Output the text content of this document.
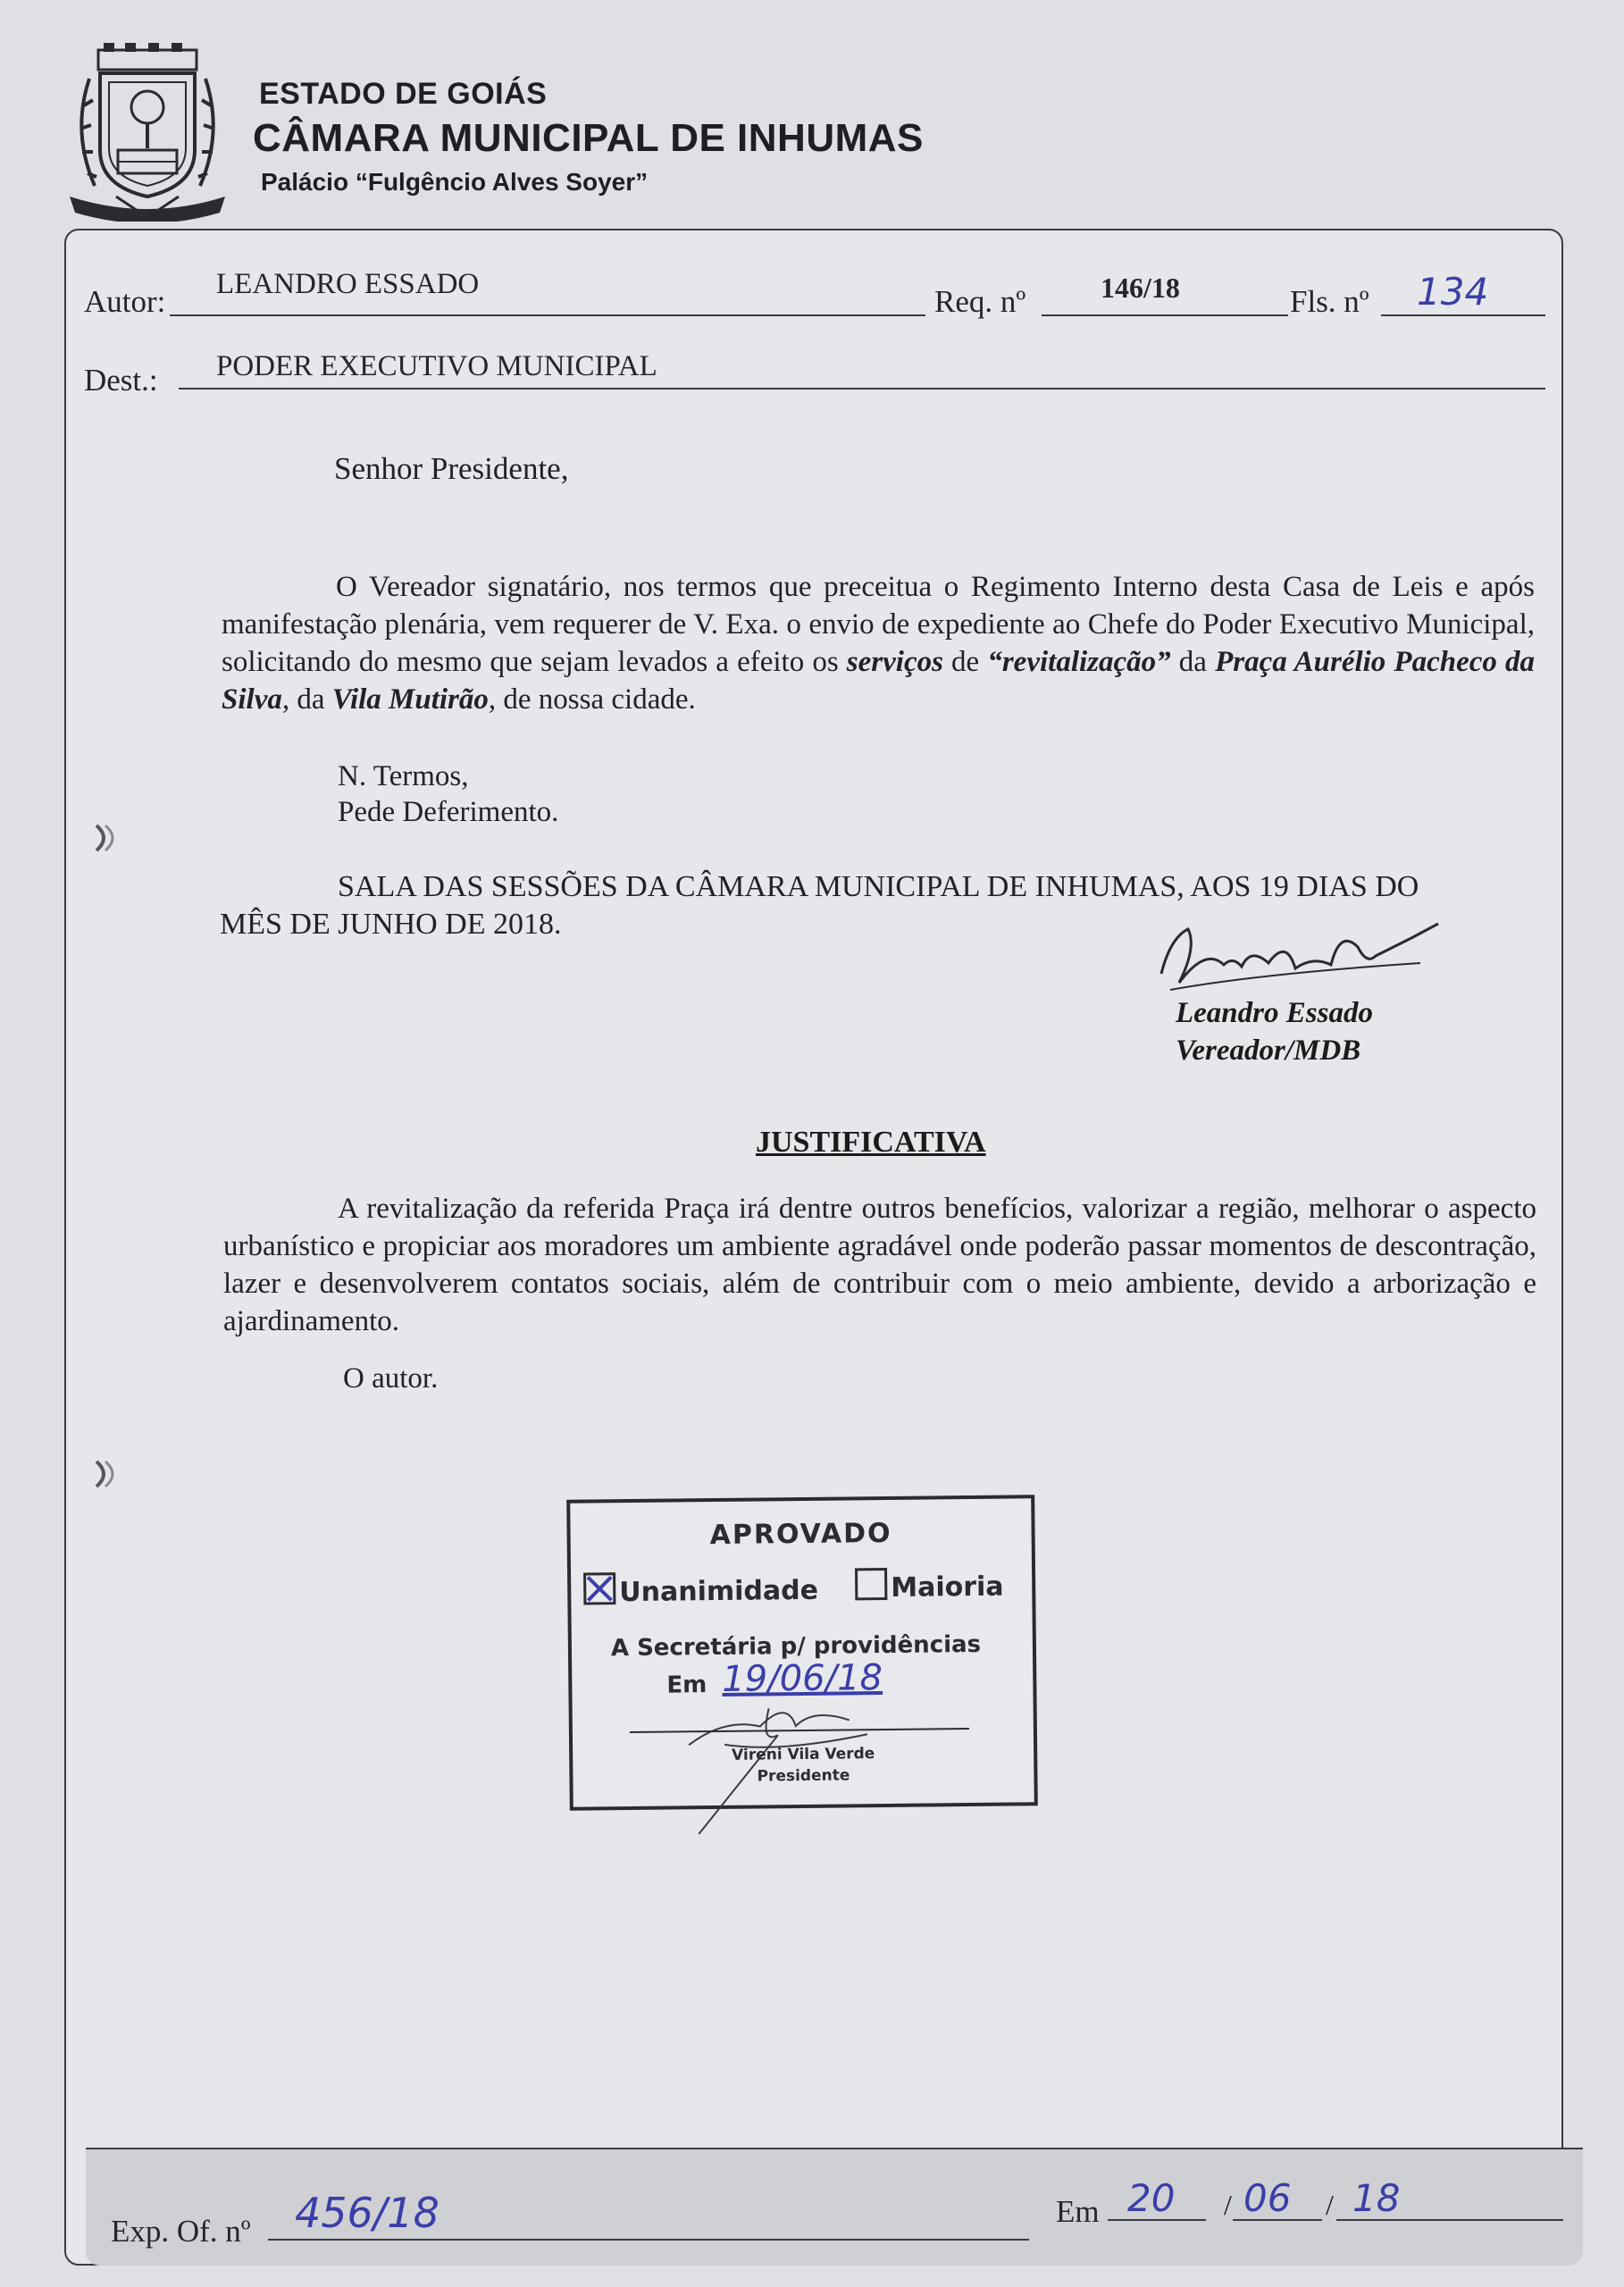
ESTADO DE GOIÁS
CÂMARA MUNICIPAL DE INHUMAS
Palácio “Fulgêncio Alves Soyer”
Autor: LEANDRO ESSADO	Req. nº	146/18	Fls. nº 134
Dest.: PODER EXECUTIVO MUNICIPAL
Senhor Presidente,
O Vereador signatário, nos termos que preceitua o Regimento Interno desta Casa de Leis e após manifestação plenária, vem requerer de V. Exa. o envio de expediente ao Chefe do Poder Executivo Municipal, solicitando do mesmo que sejam levados a efeito os serviços de “revitalização” da Praça Aurélio Pacheco da Silva, da Vila Mutirão, de nossa cidade.
N. Termos,
Pede Deferimento.
SALA DAS SESSÕES DA CÂMARA MUNICIPAL DE INHUMAS, AOS 19 DIAS DO
MÊS DE JUNHO DE 2018.
Leandro Essado
Vereador/MDB
JUSTIFICATIVA
A revitalização da referida Praça irá dentre outros benefícios, valorizar a região, melhorar o aspecto urbanístico e propiciar aos moradores um ambiente agradável onde poderão passar momentos de descontração, lazer e desenvolverem contatos sociais, além de contribuir com o meio ambiente, devido a arborização e ajardinamento.
O autor.
APROVADO
Unanimidade	Maioria
A Secretária p/ providências
Em 19/06/18
Vireni Vila Verde
Presidente
Exp. Of. nº 456/18	Em 20 / 06 / 18
